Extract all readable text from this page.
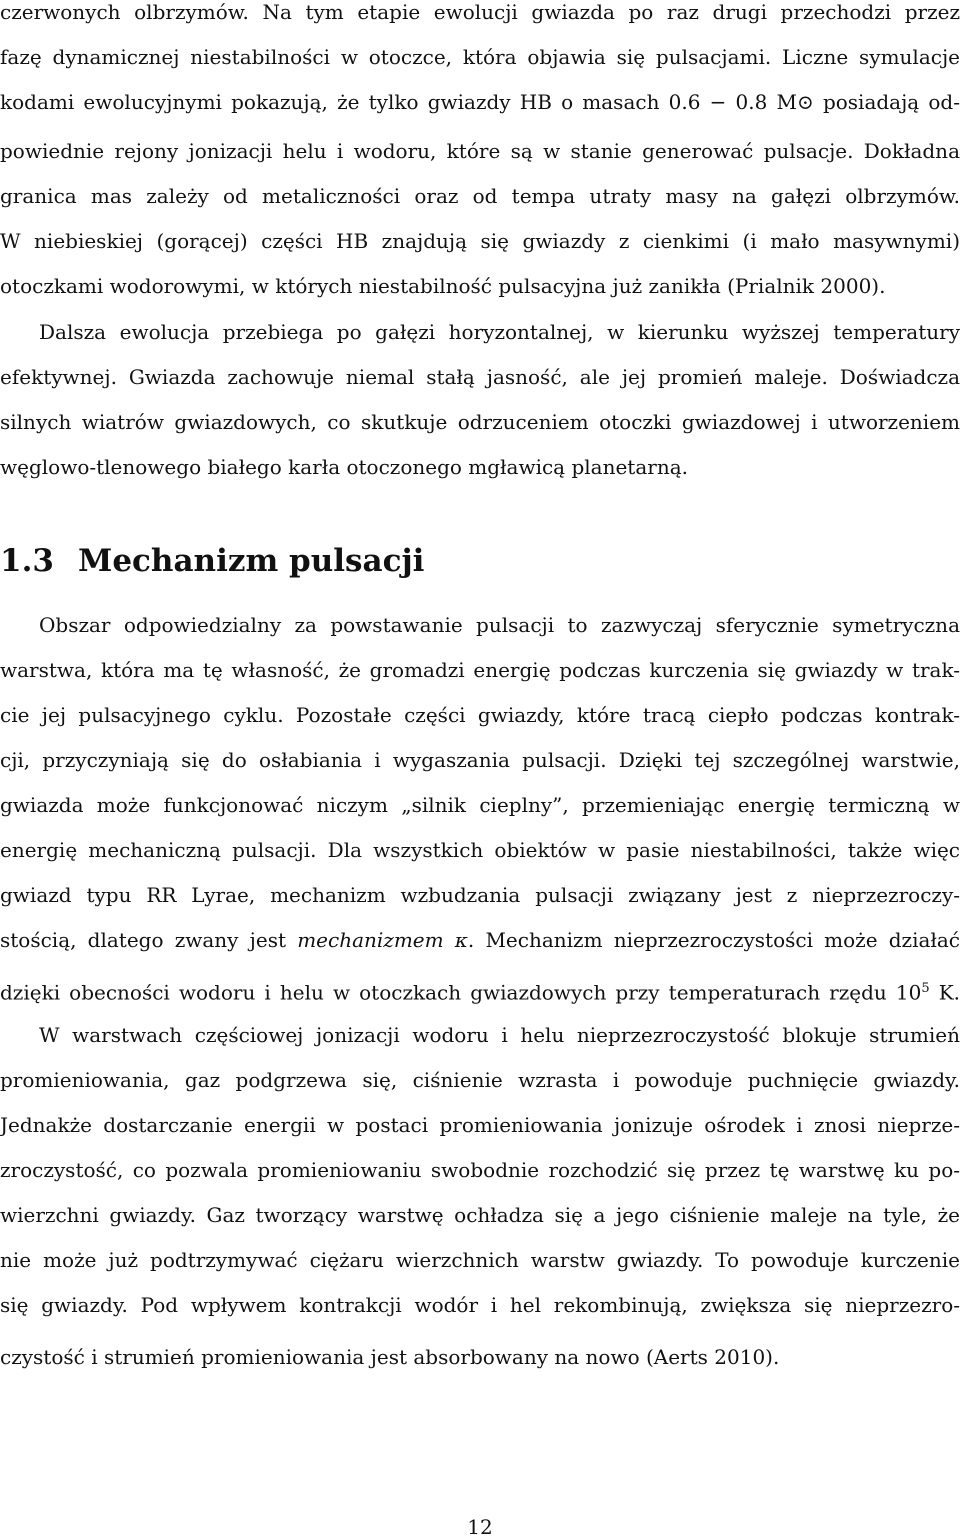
czerwonych olbrzymów. Na tym etapie ewolucji gwiazda po raz drugi przechodzi przez
fazę dynamicznej niestabilności w otoczce, która objawia się pulsacjami. Liczne symulacje
kodami ewolucyjnymi pokazują, że tylko gwiazdy HB o masach 0.6 − 0.8 M⊙ posiadają od-
powiednie rejony jonizacji helu i wodoru, które są w stanie generować pulsacje. Dokładna
granica mas zależy od metaliczności oraz od tempa utraty masy na gałęzi olbrzymów.
W niebieskiej (gorącej) części HB znajdują się gwiazdy z cienkimi (i mało masywnymi)
otoczkami wodorowymi, w których niestabilność pulsacyjna już zanikła (Prialnik 2000).
Dalsza ewolucja przebiega po gałęzi horyzontalnej, w kierunku wyższej temperatury
efektywnej. Gwiazda zachowuje niemal stałą jasność, ale jej promień maleje. Doświadcza
silnych wiatrów gwiazdowych, co skutkuje odrzuceniem otoczki gwiazdowej i utworzeniem
węglowo-tlenowego białego karła otoczonego mgławicą planetarną.
1.3 Mechanizm pulsacji
Obszar odpowiedzialny za powstawanie pulsacji to zazwyczaj sferycznie symetryczna
warstwa, która ma tę własność, że gromadzi energię podczas kurczenia się gwiazdy w trak-
cie jej pulsacyjnego cyklu. Pozostałe części gwiazdy, które tracą ciepło podczas kontrak-
cji, przyczyniają się do osłabiania i wygaszania pulsacji. Dzięki tej szczególnej warstwie,
gwiazda może funkcjonować niczym „silnik cieplny”, przemieniając energię termiczną w
energię mechaniczną pulsacji. Dla wszystkich obiektów w pasie niestabilności, także więc
gwiazd typu RR Lyrae, mechanizm wzbudzania pulsacji związany jest z nieprzezroczy-
stością, dlatego zwany jest mechanizmem κ. Mechanizm nieprzezroczystości może działać
dzięki obecności wodoru i helu w otoczkach gwiazdowych przy temperaturach rzędu $10^5$ K.
W warstwach częściowej jonizacji wodoru i helu nieprzezroczystość blokuje strumień
promieniowania, gaz podgrzewa się, ciśnienie wzrasta i powoduje puchnięcie gwiazdy.
Jednakże dostarczanie energii w postaci promieniowania jonizuje ośrodek i znosi nieprze-
zroczystość, co pozwala promieniowaniu swobodnie rozchodzić się przez tę warstwę ku po-
wierzchni gwiazdy. Gaz tworzący warstwę ochładza się a jego ciśnienie maleje na tyle, że
nie może już podtrzymywać ciężaru wierzchnich warstw gwiazdy. To powoduje kurczenie
się gwiazdy. Pod wpływem kontrakcji wodór i hel rekombinują, zwiększa się nieprzezro-
czystość i strumień promieniowania jest absorbowany na nowo (Aerts 2010).
12
